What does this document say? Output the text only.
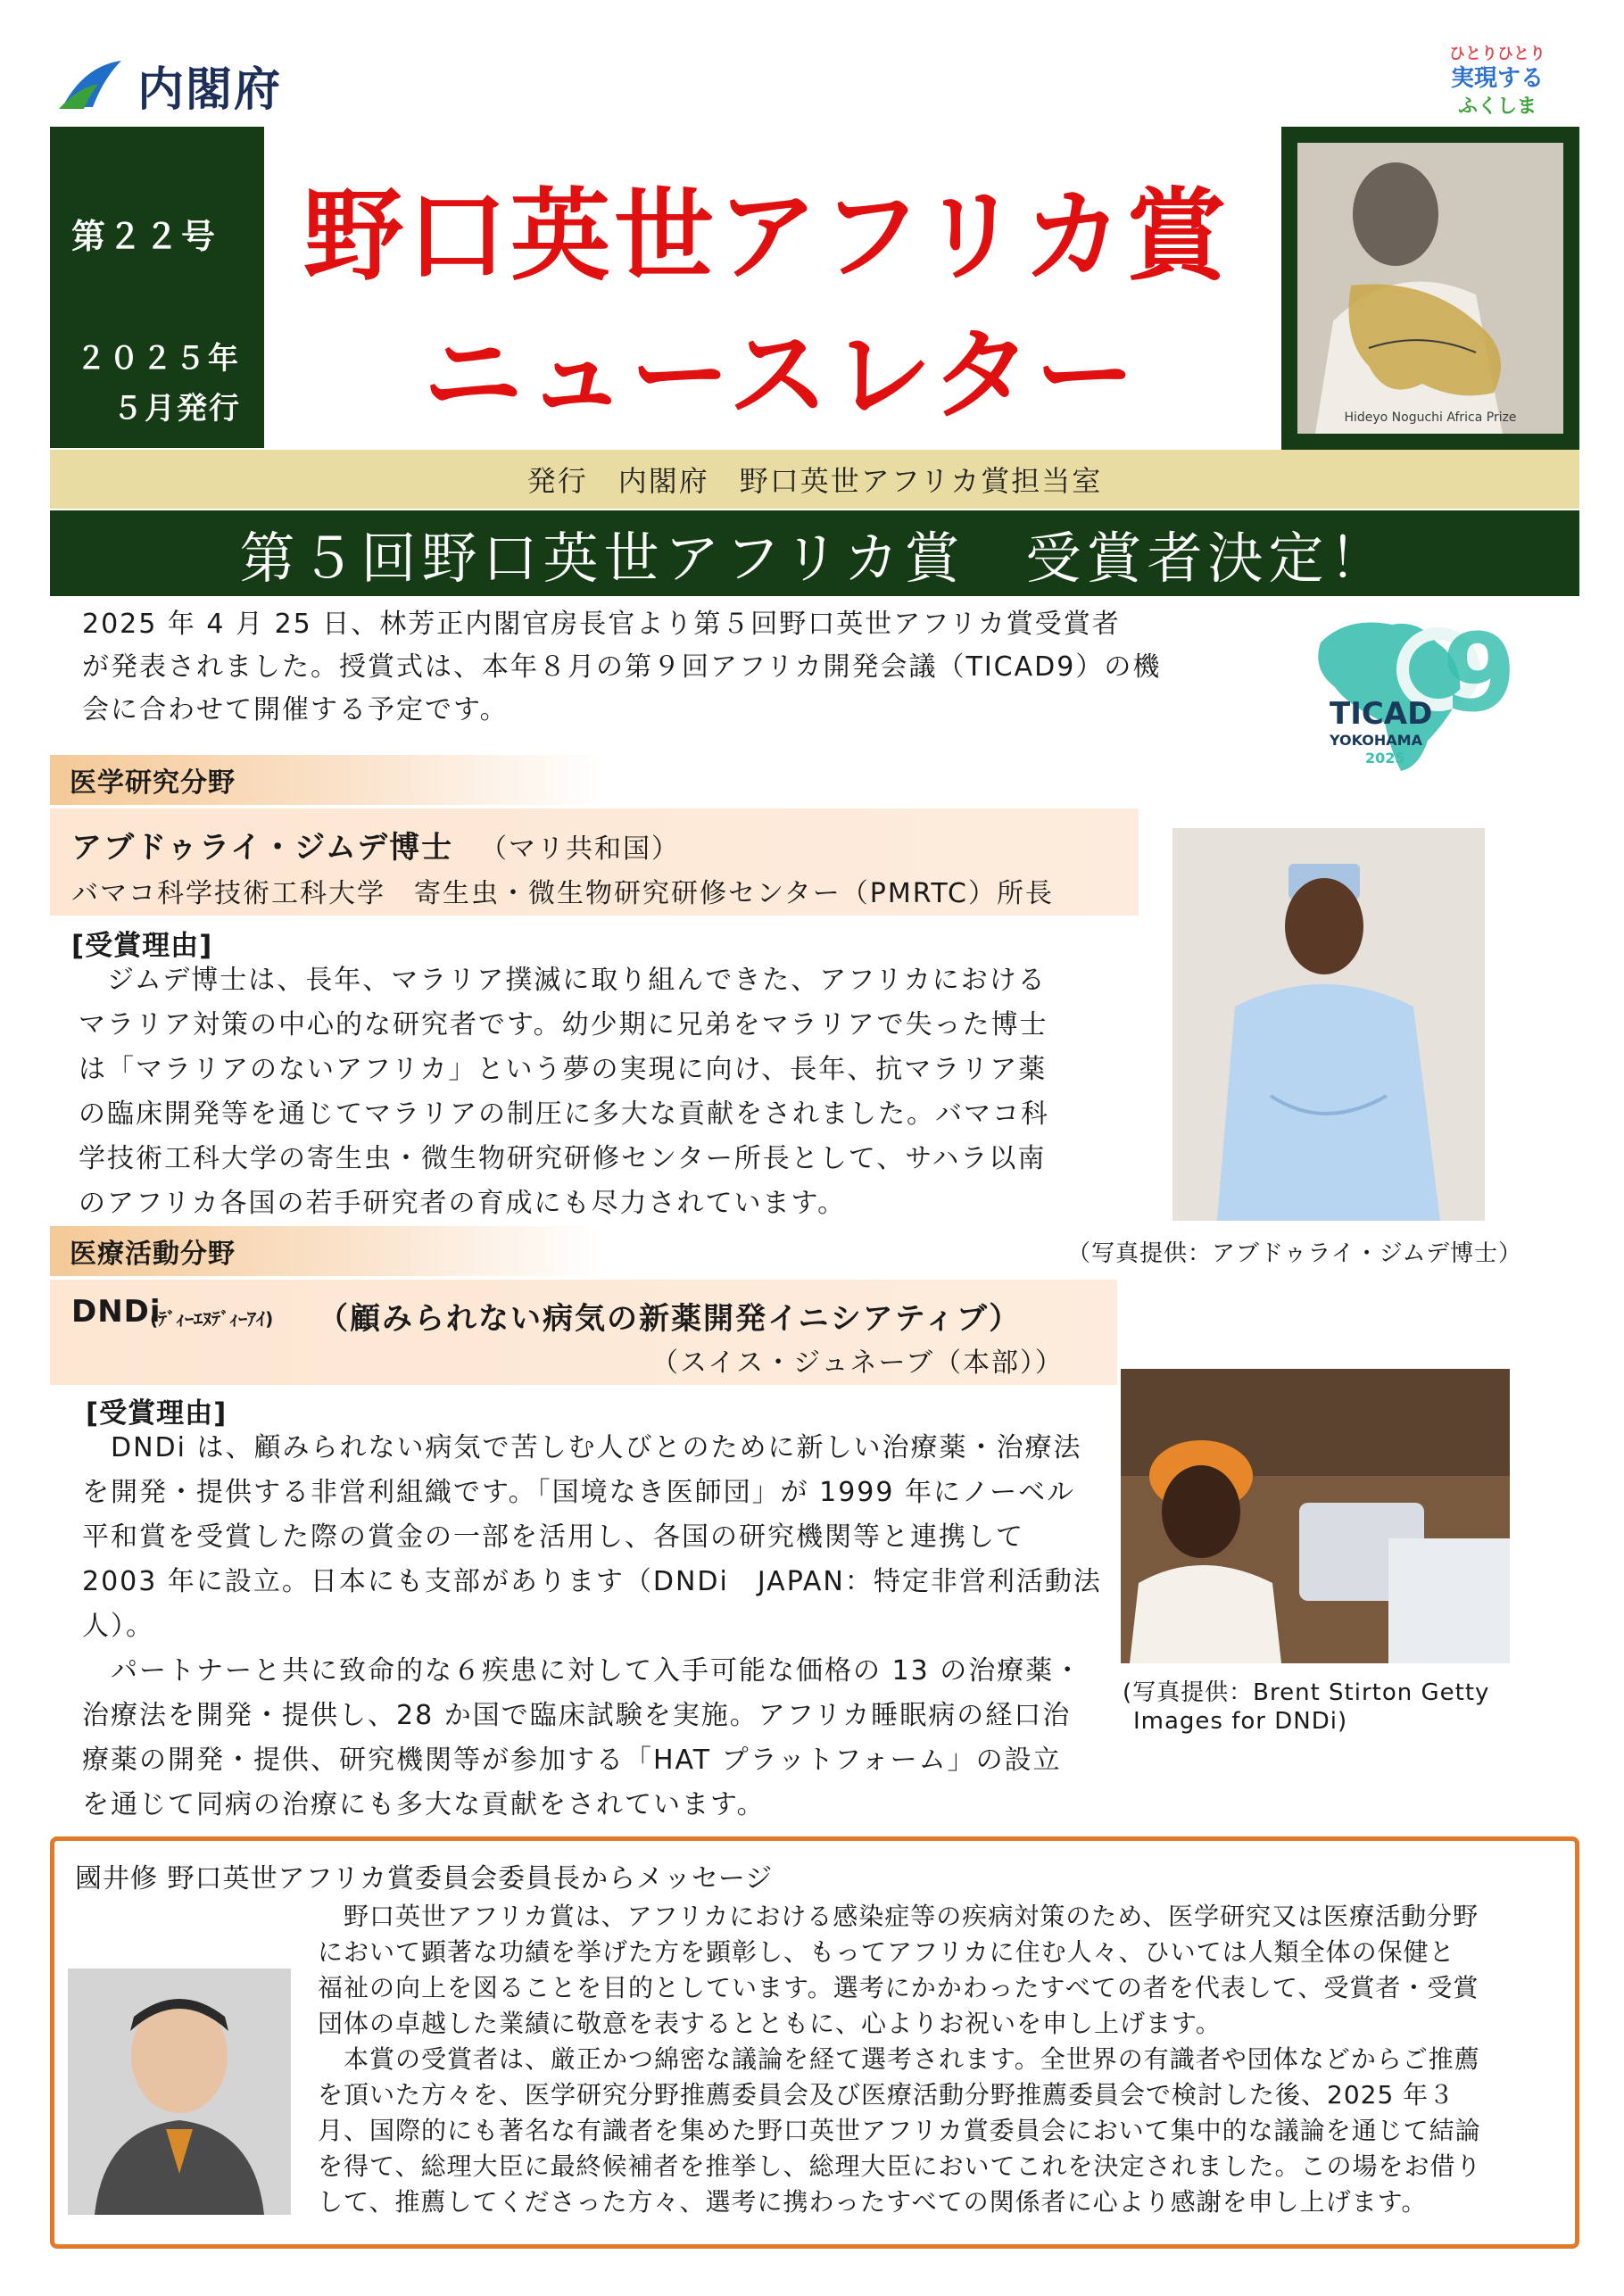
内閣府
ひとりひとり
実現する
ふくしま
第２２号
２０２５年
５月発行
野口英世アフリカ賞
ニュースレター	Hideyo Noguchi Africa Prize
発行　内閣府　野口英世アフリカ賞担当室
第５回野口英世アフリカ賞　受賞者決定！
2025 年 4 月 25 日、林芳正内閣官房長官より第５回野口英世アフリカ賞受賞者
が発表されました。授賞式は、本年８月の第９回アフリカ開発会議（TICAD9）の機
会に合わせて開催する予定です。	9
TICAD
YOKOHAMA
2025
医学研究分野
アブドゥライ・ジムデ博士 （マリ共和国）
バマコ科学技術工科大学　寄生虫・微生物研究研修センター（PMRTC）所長
[受賞理由]
　ジムデ博士は、長年、マラリア撲滅に取り組んできた、アフリカにおける
マラリア対策の中心的な研究者です。幼少期に兄弟をマラリアで失った博士
は「マラリアのないアフリカ」という夢の実現に向け、長年、抗マラリア薬
の臨床開発等を通じてマラリアの制圧に多大な貢献をされました。バマコ科
学技術工科大学の寄生虫・微生物研究研修センター所長として、サハラ以南
のアフリカ各国の若手研究者の育成にも尽力されています。
（写真提供：アブドゥライ・ジムデ博士）
医療活動分野
DNDi
(ﾃﾞｨｰｴﾇﾃﾞｨｰｱｲ) （顧みられない病気の新薬開発イニシアティブ）
（スイス・ジュネーブ（本部））
[受賞理由]
　DNDi は、顧みられない病気で苦しむ人びとのために新しい治療薬・治療法
を開発・提供する非営利組織です。「国境なき医師団」が 1999 年にノーベル
平和賞を受賞した際の賞金の一部を活用し、各国の研究機関等と連携して
2003 年に設立。日本にも支部があります（DNDi　JAPAN：特定非営利活動法
人）。
　パートナーと共に致命的な６疾患に対して入手可能な価格の 13 の治療薬・
治療法を開発・提供し、28 か国で臨床試験を実施。アフリカ睡眠病の経口治
療薬の開発・提供、研究機関等が参加する「HAT プラットフォーム」の設立
を通じて同病の治療にも多大な貢献をされています。
(写真提供：Brent Stirton Getty
Images for DNDi)
國井修 野口英世アフリカ賞委員会委員長からメッセージ
　野口英世アフリカ賞は、アフリカにおける感染症等の疾病対策のため、医学研究又は医療活動分野
において顕著な功績を挙げた方を顕彰し、もってアフリカに住む人々、ひいては人類全体の保健と
福祉の向上を図ることを目的としています。選考にかかわったすべての者を代表して、受賞者・受賞
団体の卓越した業績に敬意を表するとともに、心よりお祝いを申し上げます。
　本賞の受賞者は、厳正かつ綿密な議論を経て選考されます。全世界の有識者や団体などからご推薦
を頂いた方々を、医学研究分野推薦委員会及び医療活動分野推薦委員会で検討した後、2025 年３
月、国際的にも著名な有識者を集めた野口英世アフリカ賞委員会において集中的な議論を通じて結論
を得て、総理大臣に最終候補者を推挙し、総理大臣においてこれを決定されました。この場をお借り
して、推薦してくださった方々、選考に携わったすべての関係者に心より感謝を申し上げます。
